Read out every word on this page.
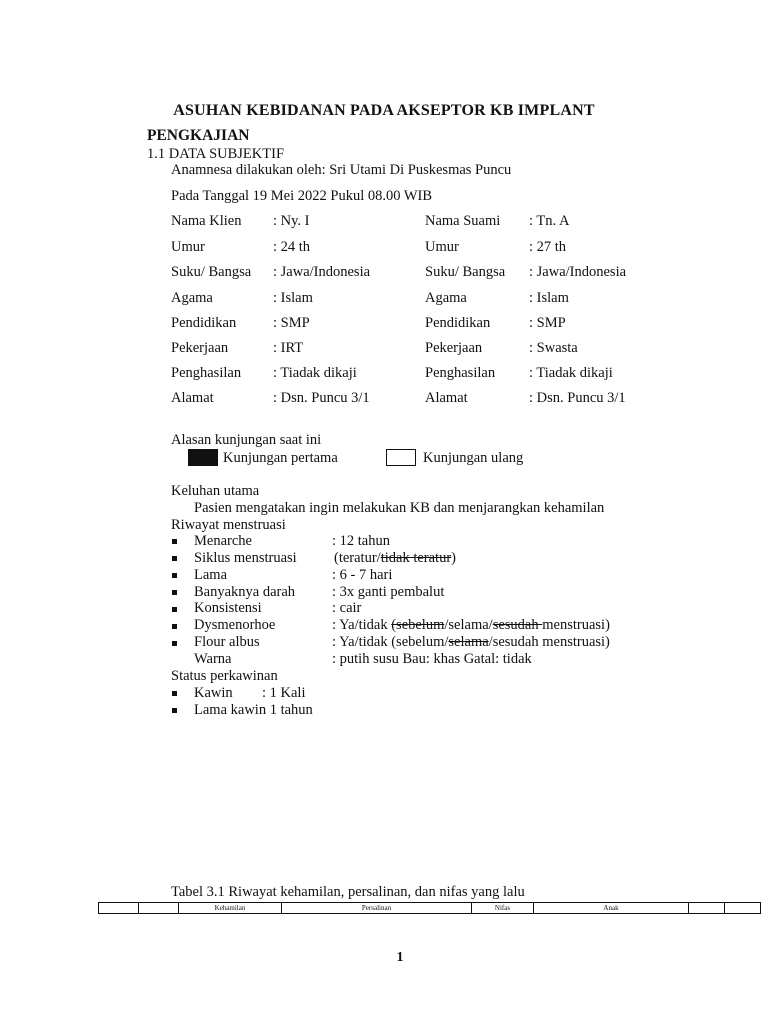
ASUHAN KEBIDANAN PADA AKSEPTOR KB IMPLANT
PENGKAJIAN
1.1 DATA SUBJEKTIF
Anamnesa dilakukan oleh: Sri Utami Di Puskesmas Puncu
Pada Tanggal 19 Mei 2022 Pukul 08.00 WIB
Nama Klien : Ny. I	Nama Suami : Tn. A
Umur	: 24 th	Umur	: 27 th
Suku/ Bangsa : Jawa/Indonesia	Suku/ Bangsa : Jawa/Indonesia
Agama	: Islam	Agama	: Islam
Pendidikan	: SMP	Pendidikan	: SMP
Pekerjaan	: IRT	Pekerjaan	: Swasta
Penghasilan : Tiadak dikaji	Penghasilan : Tiadak dikaji
Alamat	: Dsn. Puncu 3/1	Alamat	: Dsn. Puncu 3/1
Alasan kunjungan saat ini
Kunjungan pertama	Kunjungan ulang
Keluhan utama
Pasien mengatakan ingin melakukan KB dan menjarangkan kehamilan
Riwayat menstruasi
Menarche	: 12 tahun
Siklus menstruasi	(teratur/tidak teratur)
Lama	: 6 - 7 hari
Banyaknya darah	: 3x ganti pembalut
Konsistensi	: cair
Dysmenorhoe	: Ya/tidak (sebelum/selama/sesudah menstruasi)
Flour albus	: Ya/tidak (sebelum/selama/sesudah menstruasi)
Warna	: putih susu Bau: khas Gatal: tidak
Status perkawinan
Kawin : 1 Kali
Lama kawin 1 tahun
Tabel 3.1 Riwayat kehamilan, persalinan, dan nifas yang lalu
		Kehamilan	Persalinan	Nifas	Anak		
1
